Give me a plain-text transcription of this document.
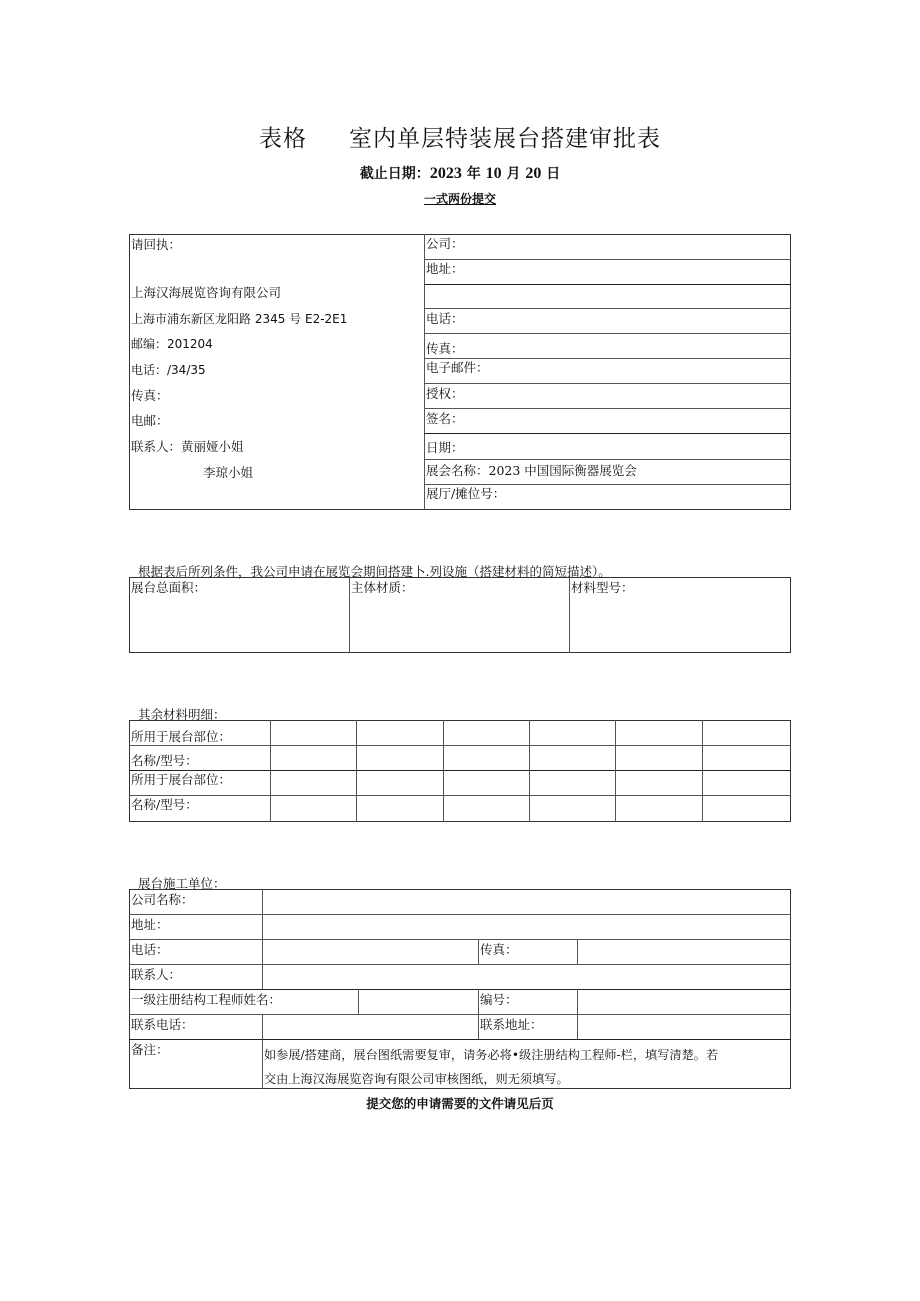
表格 室内单层特装展台搭建审批表
截止日期：2023 年 10 月 20 日
一式两份提交
请回执：
上海汉海展览咨询有限公司
上海市浦东新区龙阳路 2345 号 E2-2E1
邮编：201204
电话：/34/35
传真：
电邮：
联系人：黄丽娅小姐
李琼小姐
公司：
地址：
电话：
传真：
电子邮件：
授权：
签名：
日期：
展会名称：2023 中国国际衡器展览会
展厅/摊位号：
根据表后所列条件，我公司申请在展览会期间搭建卜.列设施（搭建材料的简短描述）。
展台总面积：	主体材质：	材料型号：
其余材料明细：
所用于展台部位：
名称/型号：
所用于展台部位：
名称/型号：
展台施工单位：
公司名称：
地址：
电话：	传真：
联系人：
一级注册结构工程师姓名：	编号：
联系电话：	联系地址：
备注：	如参展/搭建商，展台图纸需要复审，请务必将•级注册结构工程师-栏，填写清楚。若
交由上海汉海展览咨询有限公司审核图纸，则无须填写。
提交您的申请需要的文件请见后页
